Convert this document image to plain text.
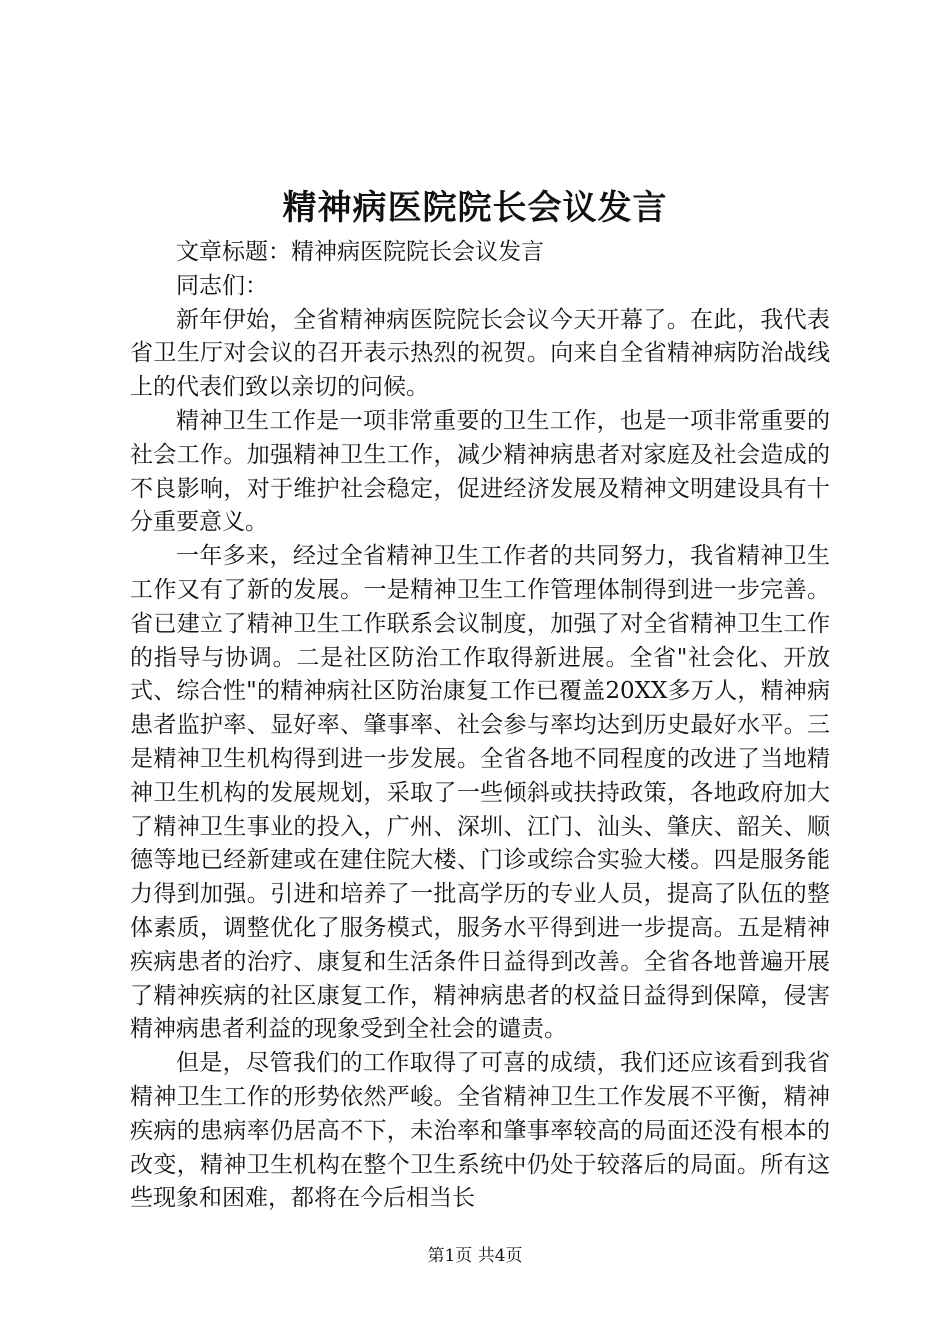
精神病医院院长会议发言

文章标题：精神病医院院长会议发言

同志们：

新年伊始，全省精神病医院院长会议今天开幕了。在此，我代表省卫生厅对会议的召开表示热烈的祝贺。向来自全省精神病防治战线上的代表们致以亲切的问候。

精神卫生工作是一项非常重要的卫生工作，也是一项非常重要的社会工作。加强精神卫生工作，减少精神病患者对家庭及社会造成的不良影响，对于维护社会稳定，促进经济发展及精神文明建设具有十分重要意义。

一年多来，经过全省精神卫生工作者的共同努力，我省精神卫生工作又有了新的发展。一是精神卫生工作管理体制得到进一步完善。省已建立了精神卫生工作联系会议制度，加强了对全省精神卫生工作的指导与协调。二是社区防治工作取得新进展。全省"社会化、开放式、综合性"的精神病社区防治康复工作已覆盖20XX多万人，精神病患者监护率、显好率、肇事率、社会参与率均达到历史最好水平。三是精神卫生机构得到进一步发展。全省各地不同程度的改进了当地精神卫生机构的发展规划，采取了一些倾斜或扶持政策，各地政府加大了精神卫生事业的投入，广州、深圳、江门、汕头、肇庆、韶关、顺德等地已经新建或在建住院大楼、门诊或综合实验大楼。四是服务能力得到加强。引进和培养了一批高学历的专业人员，提高了队伍的整体素质，调整优化了服务模式，服务水平得到进一步提高。五是精神疾病患者的治疗、康复和生活条件日益得到改善。全省各地普遍开展了精神疾病的社区康复工作，精神病患者的权益日益得到保障，侵害精神病患者利益的现象受到全社会的谴责。

但是，尽管我们的工作取得了可喜的成绩，我们还应该看到我省精神卫生工作的形势依然严峻。全省精神卫生工作发展不平衡，精神疾病的患病率仍居高不下，未治率和肇事率较高的局面还没有根本的改变，精神卫生机构在整个卫生系统中仍处于较落后的局面。所有这些现象和困难，都将在今后相当长

第1页 共4页
